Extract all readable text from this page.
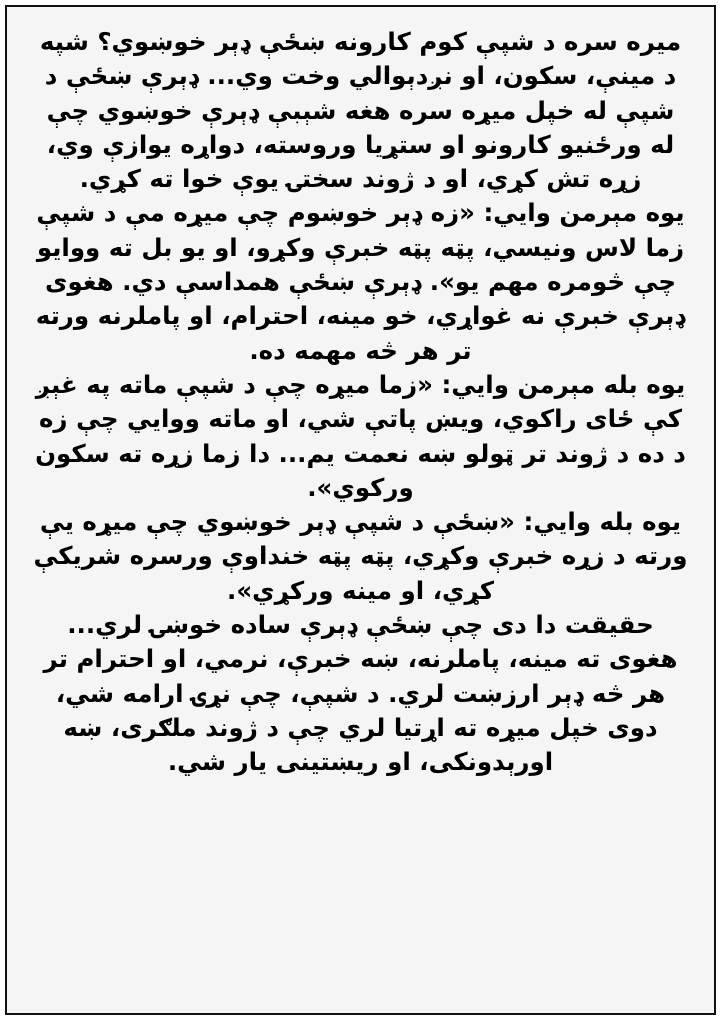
میره سره د شپې کوم کارونه ښځې ډېر خوښوي؟ شپه د مینې، سکون، او نږدېوالي وخت وي... ډېرې ښځې د شپې له خپل میړه سره هغه شېبې ډېرې خوښوي چې له ورځنیو کارونو او ستړیا وروسته، دواړه یوازې وي، زړه تش کړي، او د ژوند سختۍ یوې خوا ته کړي.

یوه مېرمن وایي: «زه ډېر خوښوم چې میړه مې د شپې زما لاس ونیسي، پټه پټه خبرې وکړو، او یو بل ته ووایو چې څومره مهم یو». ډېرې ښځې همداسې دي. هغوی ډېرې خبرې نه غواړي، خو مینه، احترام، او پاملرنه ورته تر هر څه مهمه ده.

یوه بله مېرمن وایي: «زما میړه چې د شپې ماته په غېږ کې ځای راکوي، ویښ پاتې شي، او ماته ووایي چې زه د ده د ژوند تر ټولو ښه نعمت یم... دا زما زړه ته سکون ورکوي».

یوه بله وایي: «ښځې د شپې ډېر خوښوي چې میړه یې ورته د زړه خبرې وکړي، پټه پټه خنداوې ورسره شریکې کړي، او مینه ورکړي».

حقیقت دا دی چې ښځې ډېرې ساده خوښۍ لري... هغوی ته مینه، پاملرنه، ښه خبرې، نرمي، او احترام تر هر څه ډېر ارزښت لري. د شپې، چې نړۍ ارامه شي، دوی خپل میړه ته اړتیا لري چې د ژوند ملګری، ښه اورېدونکی، او ریښتینی یار شي.
